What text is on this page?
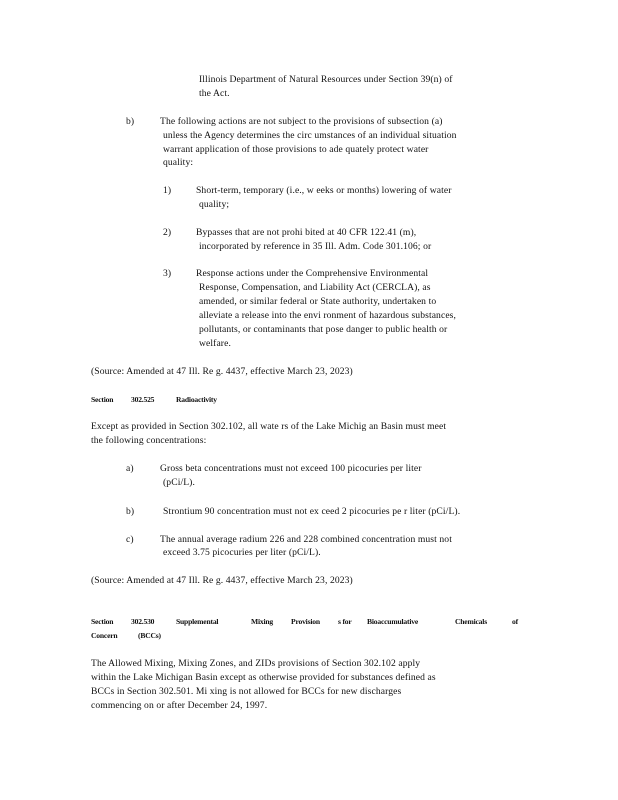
Illinois Department of Natural Resources under Section 39(n) of
the Act.
b)	The following actions are not subject to the provisions of subsection (a)
unless the Agency determines the circ umstances of an individual situation
warrant application of those provisions to ade quately protect water
quality:
1)	Short-term, temporary (i.e., w eeks or months) lowering of water
quality;
2)	Bypasses that are not prohi bited at 40 CFR 122.41 (m),
incorporated by reference in 35 Ill. Adm. Code 301.106; or
3)	Response actions under the Comprehensive Environmental
Response, Compensation, and Liability Act (CERCLA), as
amended, or similar federal or State authority, undertaken to
alleviate a release into the envi ronment of hazardous substances,
pollutants, or contaminants that pose danger to public health or
welfare.
(Source: Amended at 47 Ill. Re g. 4437, effective March 23, 2023)
Section 302.525	Radioactivity
Except as provided in Section 302.102, all wate rs of the Lake Michig an Basin must meet
the following concentrations:
a)	Gross beta concentrations must not exceed 100 picocuries per liter
(pCi/L).
b)	Strontium 90 concentration must not ex ceed 2 picocuries pe r liter (pCi/L).
c)	The annual average radium 226 and 228 combined concentration must not
exceed 3.75 picocuries per liter (pCi/L).
(Source: Amended at 47 Ill. Re g. 4437, effective March 23, 2023)
Section 302.530	Supplemental	Mixing Provision s for Bioaccumulative	Chemicals	of
Concern	(BCCs)
The Allowed Mixing, Mixing Zones, and ZIDs provisions of Section 302.102 apply
within the Lake Michigan Basin except as otherwise provided for substances defined as
BCCs in Section 302.501. Mi xing is not allowed for BCCs for new discharges
commencing on or after December 24, 1997.
